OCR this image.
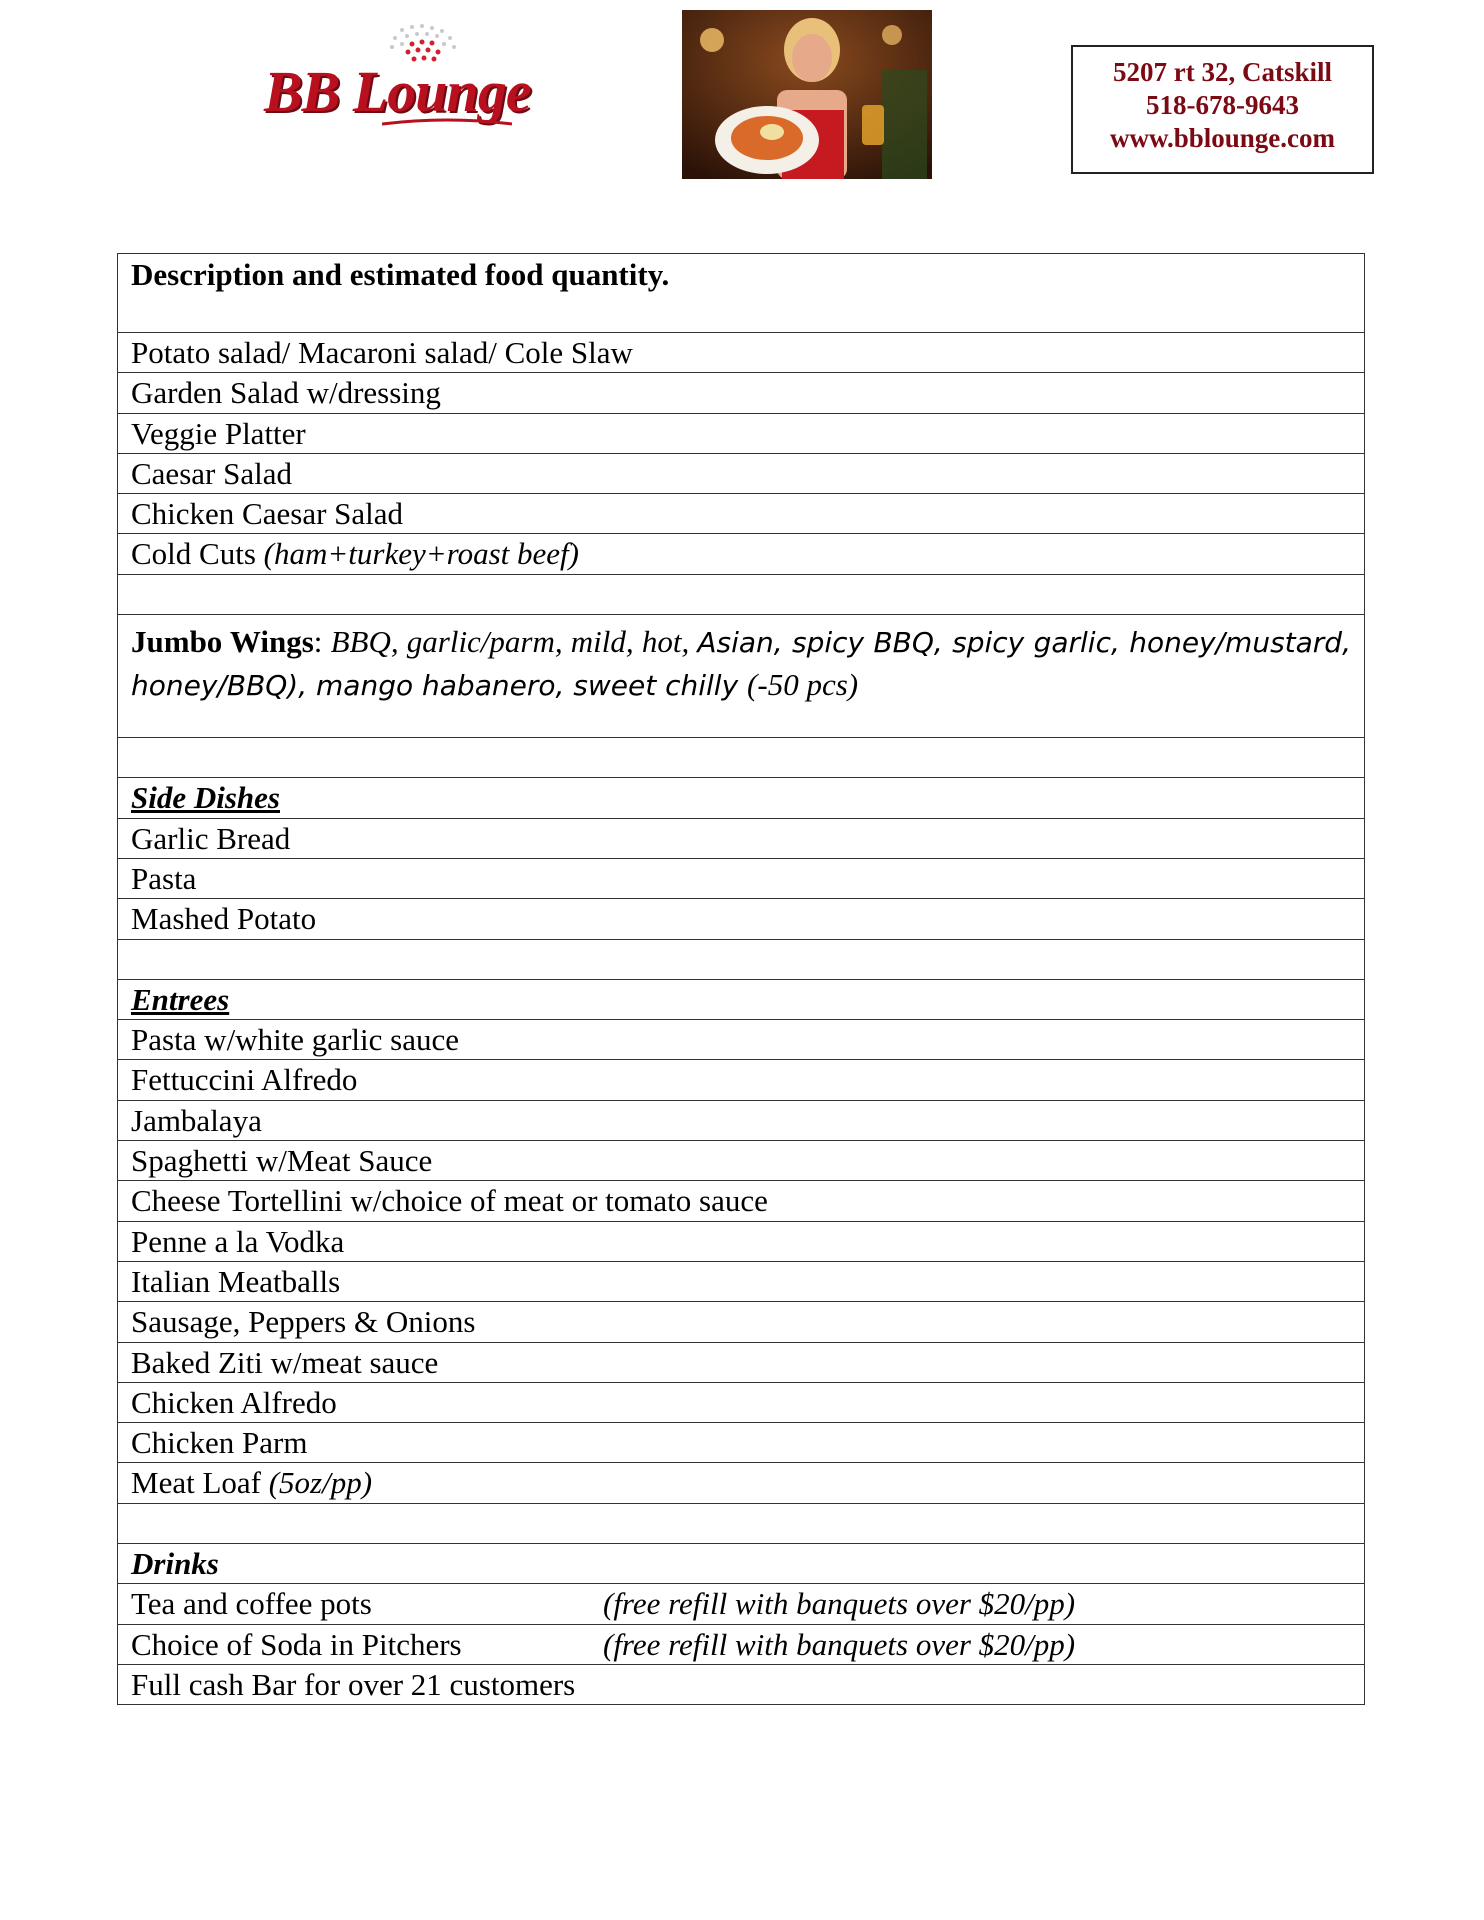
BB Lounge	5207 rt 32, Catskill
518-678-9643
www.bblounge.com
Description and estimated food quantity.
Potato salad/ Macaroni salad/ Cole Slaw
Garden Salad w/dressing
Veggie Platter
Caesar Salad
Chicken Caesar Salad
Cold Cuts (ham+turkey+roast beef)
Jumbo Wings: BBQ, garlic/parm, mild, hot, Asian, spicy BBQ, spicy garlic, honey/mustard, honey/BBQ), mango habanero, sweet chilly (-50 pcs)
Side Dishes
Garlic Bread
Pasta
Mashed Potato
Entrees
Pasta w/white garlic sauce
Fettuccini Alfredo
Jambalaya
Spaghetti w/Meat Sauce
Cheese Tortellini w/choice of meat or tomato sauce
Penne a la Vodka
Italian Meatballs
Sausage, Peppers & Onions
Baked Ziti w/meat sauce
Chicken Alfredo
Chicken Parm
Meat Loaf (5oz/pp)
Drinks
Tea and coffee pots	(free refill with banquets over $20/pp)
Choice of Soda in Pitchers	(free refill with banquets over $20/pp)
Full cash Bar for over 21 customers
